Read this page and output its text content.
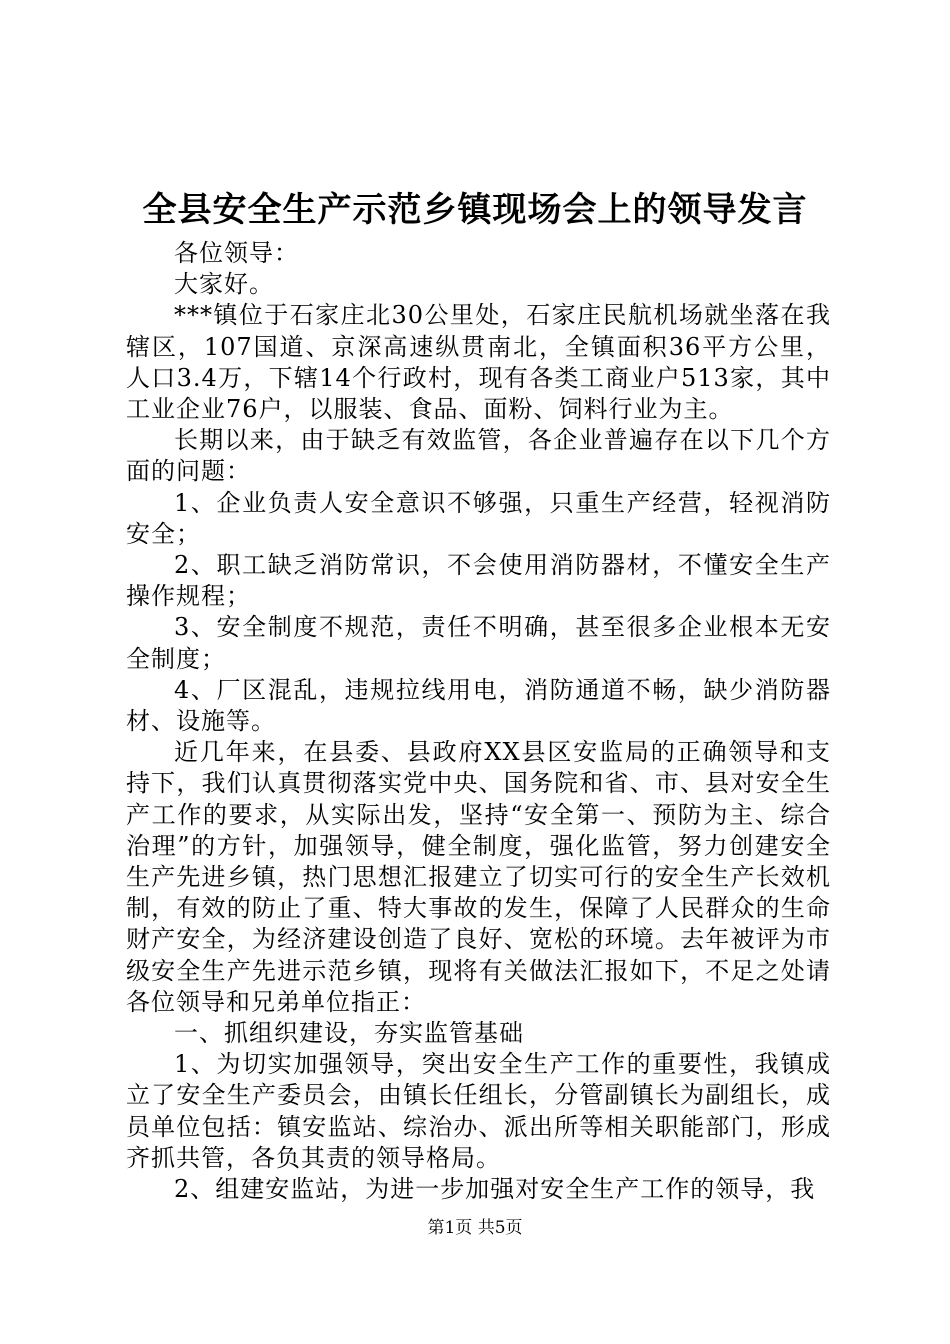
全县安全生产示范乡镇现场会上的领导发言

各位领导：

大家好。

***镇位于石家庄北30公里处，石家庄民航机场就坐落在我辖区，107国道、京深高速纵贯南北，全镇面积36平方公里，人口3.4万，下辖14个行政村，现有各类工商业户513家，其中工业企业76户，以服装、食品、面粉、饲料行业为主。

长期以来，由于缺乏有效监管，各企业普遍存在以下几个方面的问题：

1、企业负责人安全意识不够强，只重生产经营，轻视消防安全；

2、职工缺乏消防常识，不会使用消防器材，不懂安全生产操作规程；

3、安全制度不规范，责任不明确，甚至很多企业根本无安全制度；

4、厂区混乱，违规拉线用电，消防通道不畅，缺少消防器材、设施等。

近几年来，在县委、县政府XX县区安监局的正确领导和支持下，我们认真贯彻落实党中央、国务院和省、市、县对安全生产工作的要求，从实际出发，坚持“安全第一、预防为主、综合治理”的方针，加强领导，健全制度，强化监管，努力创建安全生产先进乡镇，热门思想汇报建立了切实可行的安全生产长效机制，有效的防止了重、特大事故的发生，保障了人民群众的生命财产安全，为经济建设创造了良好、宽松的环境。去年被评为市级安全生产先进示范乡镇，现将有关做法汇报如下，不足之处请各位领导和兄弟单位指正：

一、抓组织建设，夯实监管基础

1、为切实加强领导，突出安全生产工作的重要性，我镇成立了安全生产委员会，由镇长任组长，分管副镇长为副组长，成员单位包括：镇安监站、综治办、派出所等相关职能部门，形成齐抓共管，各负其责的领导格局。

2、组建安监站，为进一步加强对安全生产工作的领导，我

第1页 共5页
